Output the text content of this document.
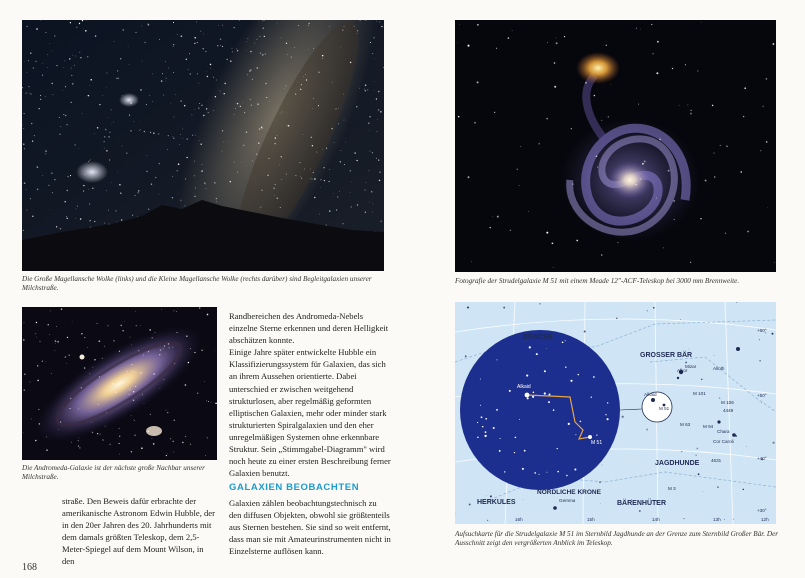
Die Große Magellansche Wolke (links) und die Kleine Magellansche Wolke (rechts darüber) sind Begleitgalaxien unserer Milchstraße.
Fotografie der Strudelgalaxie M 51 mit einem Meade 12"-ACF-Teleskop bei 3000 mm Brennweite.
Die Andromeda-Galaxie ist der nächste große Nachbar unserer Milchstraße.

Randbereichen des Andromeda-Nebels einzelne Sterne erkennen und deren Helligkeit abschätzen konnte.

Einige Jahre später entwickelte Hubble ein Klassifizierungssystem für Galaxien, das sich an ihrem Aussehen orientierte. Dabei unterschied er zwischen weitgehend strukturlosen, aber regelmäßig geformten elliptischen Galaxien, mehr oder minder stark strukturierten Spiralgalaxien und den eher unregelmäßigen Systemen ohne erkennbare Struktur. Sein „Stimmgabel-Diagramm" wird noch heute zu einer ersten Beschreibung ferner Galaxien benutzt.

straße. Den Beweis dafür erbrachte der amerikanische Astronom Edwin Hubble, der in den 20er Jahren des 20. Jahrhunderts mit dem damals größten Teleskop, dem 2,5-Meter-Spiegel auf dem Mount Wilson, in den
GALAXIEN BEOBACHTEN
Galaxien zählen beobachtungstechnisch zu den diffusen Objekten, obwohl sie größtenteils aus Sternen bestehen. Sie sind so weit entfernt, dass man sie mit Amateurinstrumenten nicht in Einzelsterne auflösen kann.
168
DRACHE
GROSSER BÄR
JAGDHUNDE
HERKULES
NÖRDLICHE KRONE
BÄRENHÜTER
Alkaid
M 51
Alkaid
Mizar
Alkor	Alioth
Chara
Cor Caroli
Gemma
M 51
M 101
M 63	M 94
M 3
M 106
4449
4631
+60°
+50°
+40°
+30°
16h	15h	14h	13h	12h
Aufsuchkarte für die Strudelgalaxie M 51 im Sternbild Jagdhunde an der Grenze zum Sternbild Großer Bär. Der Ausschnitt zeigt den vergrößerten Anblick im Teleskop.
